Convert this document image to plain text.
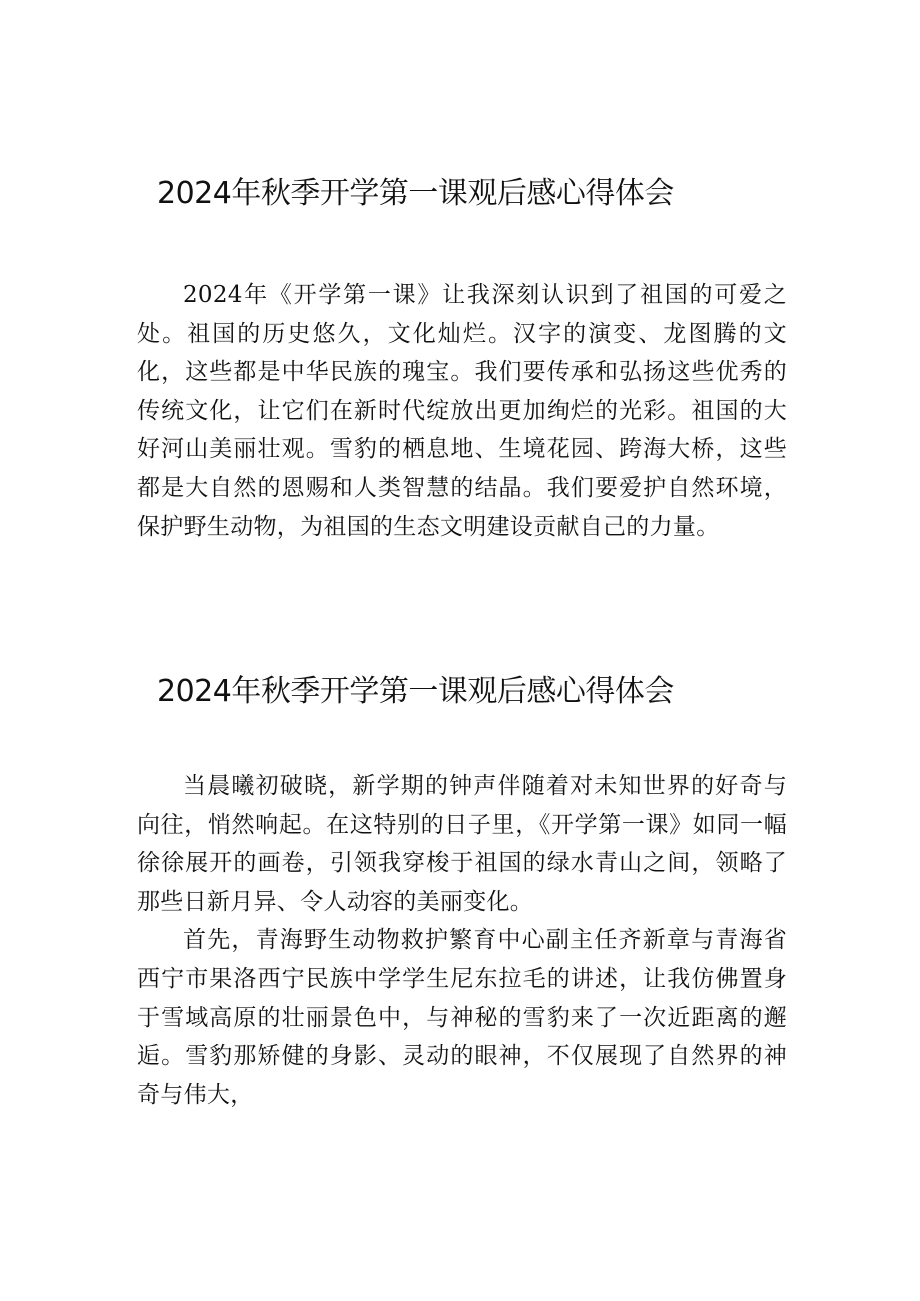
2024年秋季开学第一课观后感心得体会

2024年《开学第一课》让我深刻认识到了祖国的可爱之处。祖国的历史悠久，文化灿烂。汉字的演变、龙图腾的文化，这些都是中华民族的瑰宝。我们要传承和弘扬这些优秀的传统文化，让它们在新时代绽放出更加绚烂的光彩。祖国的大好河山美丽壮观。雪豹的栖息地、生境花园、跨海大桥，这些都是大自然的恩赐和人类智慧的结晶。我们要爱护自然环境，保护野生动物，为祖国的生态文明建设贡献自己的力量。

2024年秋季开学第一课观后感心得体会

当晨曦初破晓，新学期的钟声伴随着对未知世界的好奇与向往，悄然响起。在这特别的日子里，《开学第一课》如同一幅徐徐展开的画卷，引领我穿梭于祖国的绿水青山之间，领略了那些日新月异、令人动容的美丽变化。

首先，青海野生动物救护繁育中心副主任齐新章与青海省西宁市果洛西宁民族中学学生尼东拉毛的讲述，让我仿佛置身于雪域高原的壮丽景色中，与神秘的雪豹来了一次近距离的邂逅。雪豹那矫健的身影、灵动的眼神，不仅展现了自然界的神奇与伟大，
